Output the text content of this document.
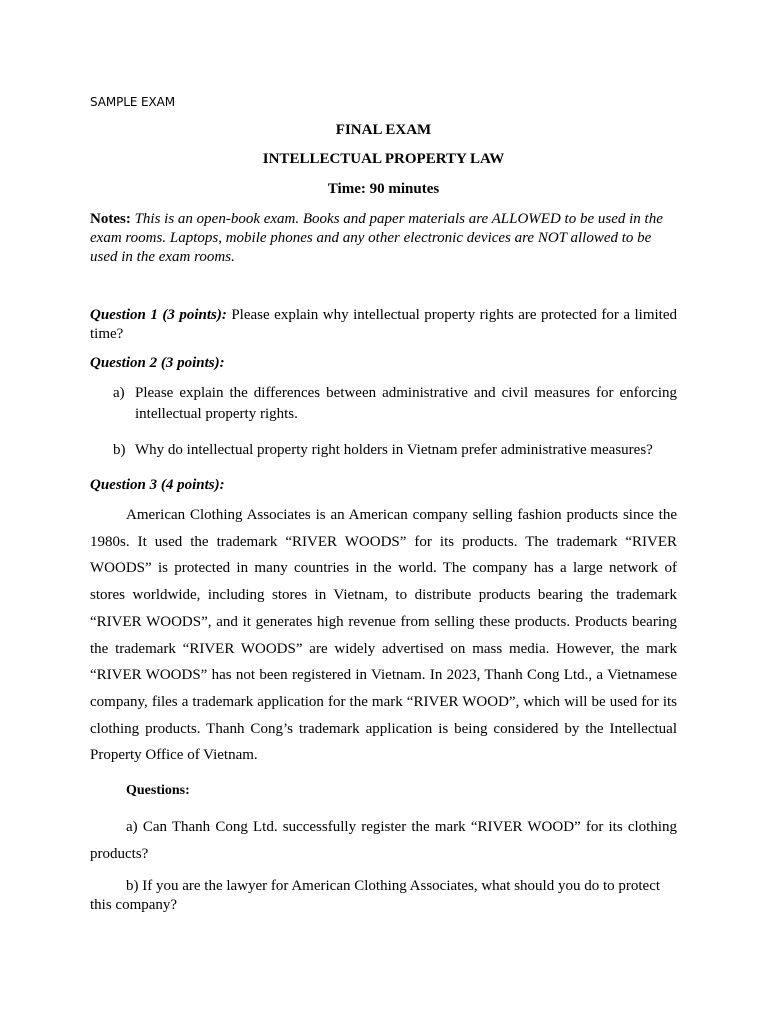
SAMPLE EXAM

FINAL EXAM

INTELLECTUAL PROPERTY LAW

Time: 90 minutes

Notes: This is an open-book exam. Books and paper materials are ALLOWED to be used in the exam rooms. Laptops, mobile phones and any other electronic devices are NOT allowed to be used in the exam rooms.

Question 1 (3 points): Please explain why intellectual property rights are protected for a limited time?

Question 2 (3 points):

a) Please explain the differences between administrative and civil measures for enforcing intellectual property rights.
b) Why do intellectual property right holders in Vietnam prefer administrative measures?

Question 3 (4 points):

American Clothing Associates is an American company selling fashion products since the 1980s. It used the trademark “RIVER WOODS” for its products. The trademark “RIVER WOODS” is protected in many countries in the world. The company has a large network of stores worldwide, including stores in Vietnam, to distribute products bearing the trademark “RIVER WOODS”, and it generates high revenue from selling these products. Products bearing the trademark “RIVER WOODS” are widely advertised on mass media. However, the mark “RIVER WOODS” has not been registered in Vietnam. In 2023, Thanh Cong Ltd., a Vietnamese company, files a trademark application for the mark “RIVER WOOD”, which will be used for its clothing products. Thanh Cong’s trademark application is being considered by the Intellectual Property Office of Vietnam.

Questions:

a) Can Thanh Cong Ltd. successfully register the mark “RIVER WOOD” for its clothing products?

b) If you are the lawyer for American Clothing Associates, what should you do to protect this company?
